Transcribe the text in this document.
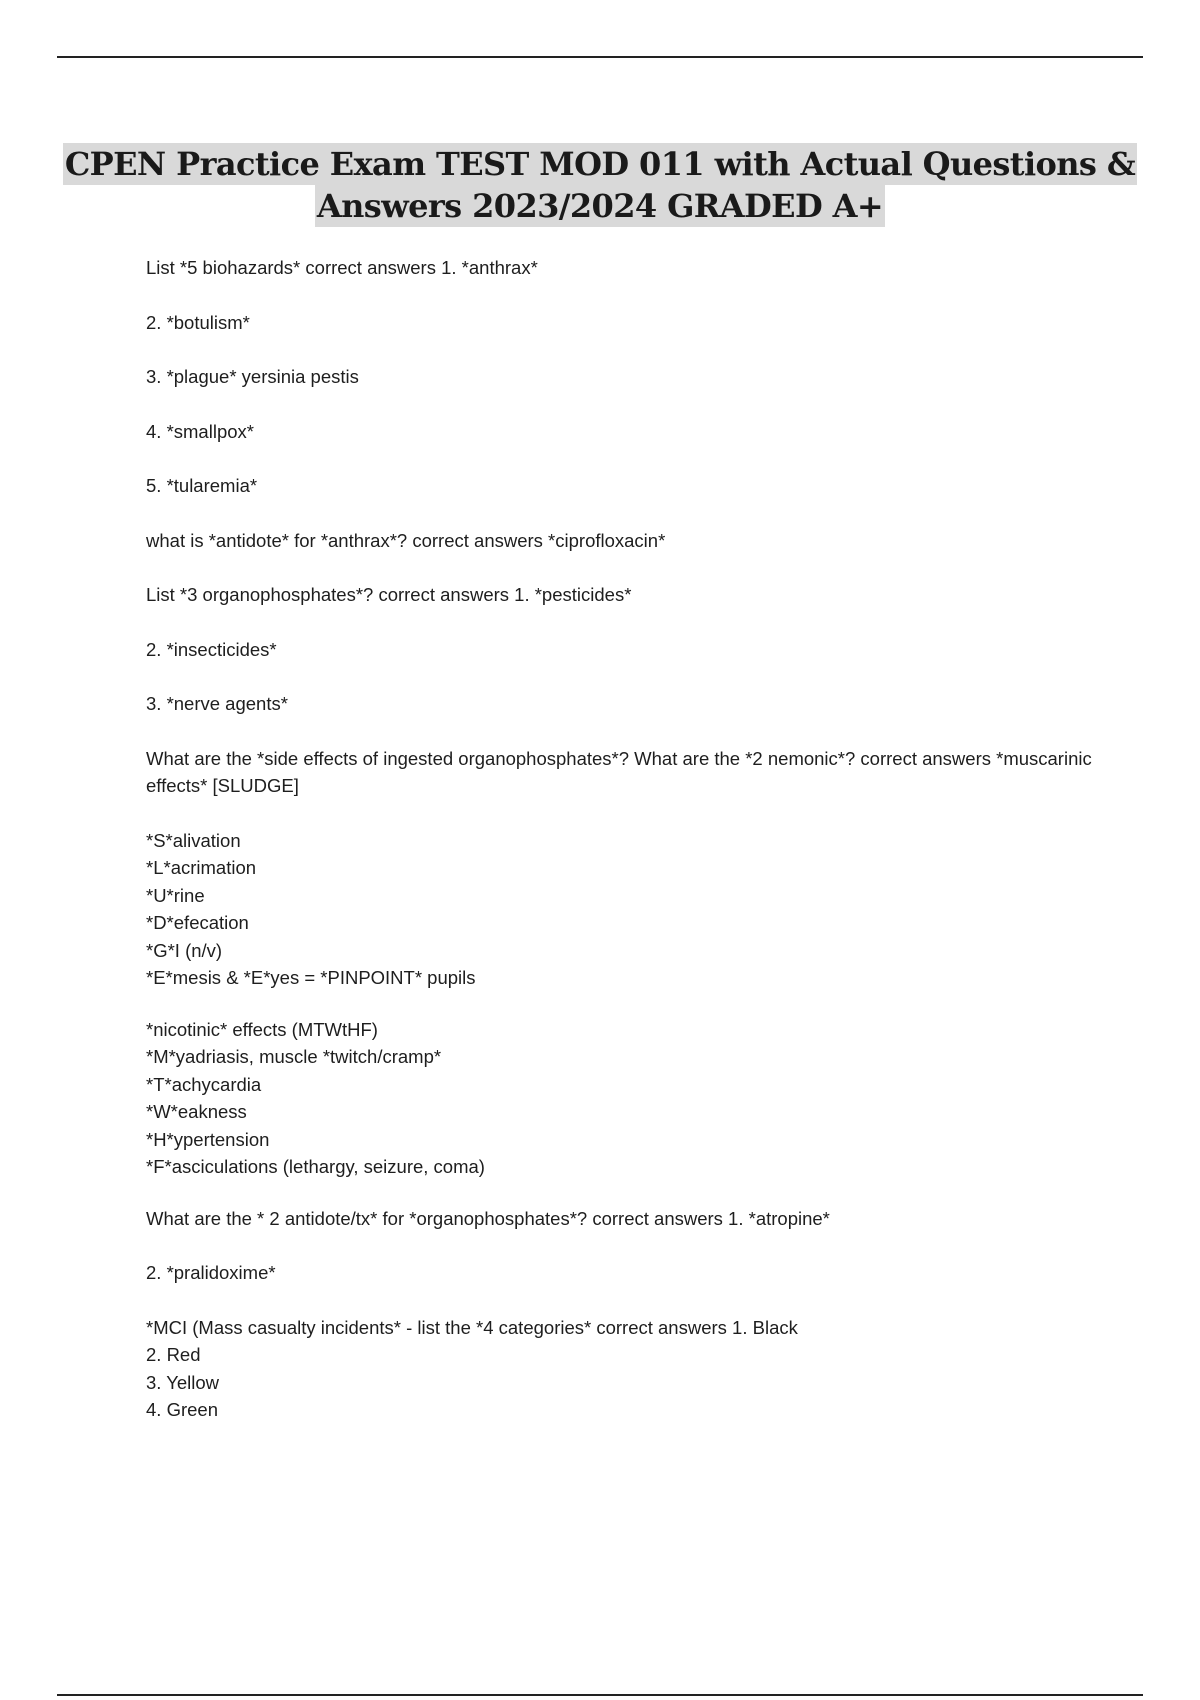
CPEN Practice Exam TEST MOD 011 with Actual Questions &
Answers 2023/2024 GRADED A+

List *5 biohazards* correct answers 1. *anthrax*

2. *botulism*

3. *plague* yersinia pestis

4. *smallpox*

5. *tularemia*

what is *antidote* for *anthrax*? correct answers *ciprofloxacin*

List *3 organophosphates*? correct answers 1. *pesticides*

2. *insecticides*

3. *nerve agents*

What are the *side effects of ingested organophosphates*? What are the *2 nemonic*? correct answers *muscarinic effects* [SLUDGE]

*S*alivation
*L*acrimation
*U*rine
*D*efecation
*G*I (n/v)
*E*mesis & *E*yes = *PINPOINT* pupils
*nicotinic* effects (MTWtHF)
*M*yadriasis, muscle *twitch/cramp*
*T*achycardia
*W*eakness
*H*ypertension
*F*asciculations (lethargy, seizure, coma)

What are the * 2 antidote/tx* for *organophosphates*? correct answers 1. *atropine*

2. *pralidoxime*

*MCI (Mass casualty incidents* - list the *4 categories* correct answers 1. Black
2. Red
3. Yellow
4. Green
